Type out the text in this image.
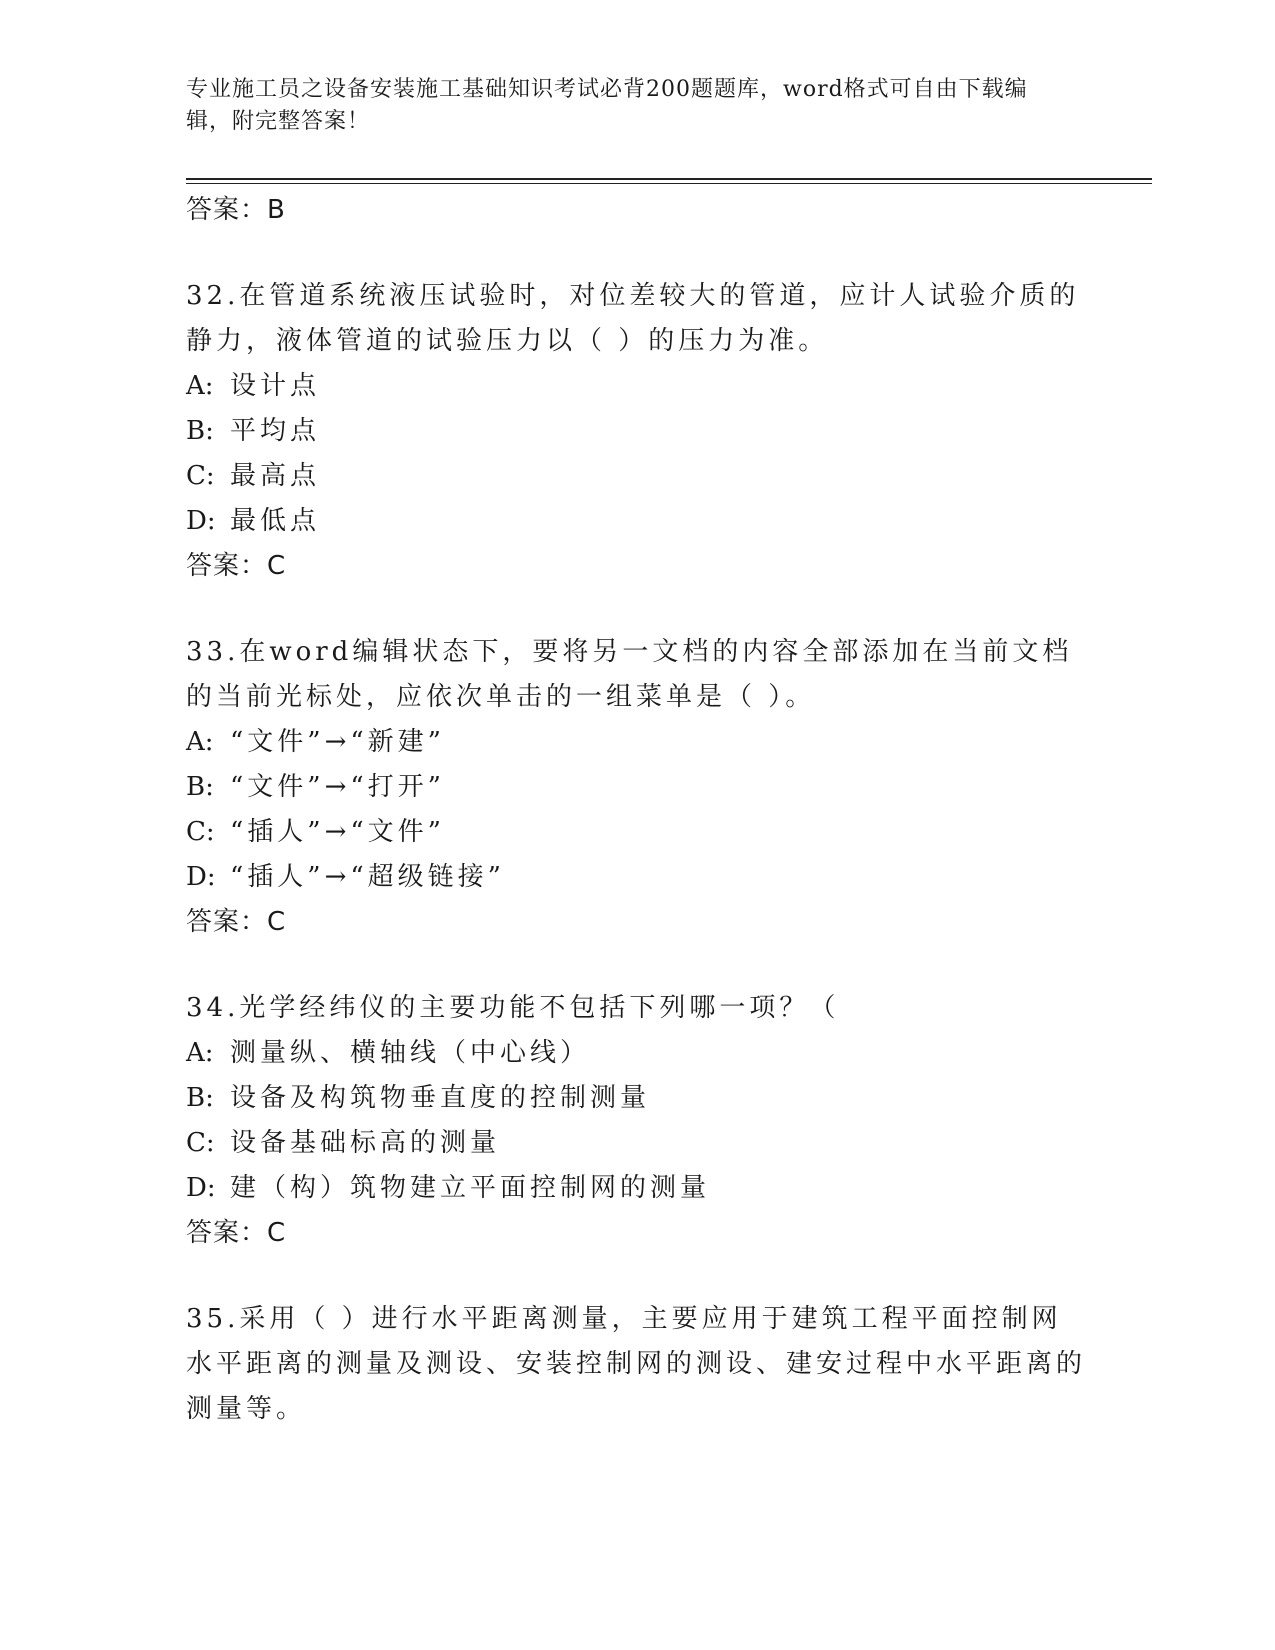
专业施工员之设备安装施工基础知识考试必背200题题库，word格式可自由下载编辑，附完整答案！

答案：B

32.在管道系统液压试验时，对位差较大的管道，应计人试验介质的静力，液体管道的试验压力以（ ）的压力为准。

A: 设计点

B: 平均点

C: 最高点

D: 最低点

答案：C

33.在word编辑状态下，要将另一文档的内容全部添加在当前文档的当前光标处，应依次单击的一组菜单是（ ）。

A: “文件”→“新建”

B: “文件”→“打开”

C: “插人”→“文件”

D: “插人”→“超级链接”

答案：C

34.光学经纬仪的主要功能不包括下列哪一项？（

A: 测量纵、横轴线（中心线）

B: 设备及构筑物垂直度的控制测量

C: 设备基础标高的测量

D: 建（构）筑物建立平面控制网的测量

答案：C

35.采用（ ）进行水平距离测量，主要应用于建筑工程平面控制网水平距离的测量及测设、安装控制网的测设、建安过程中水平距离的测量等。
